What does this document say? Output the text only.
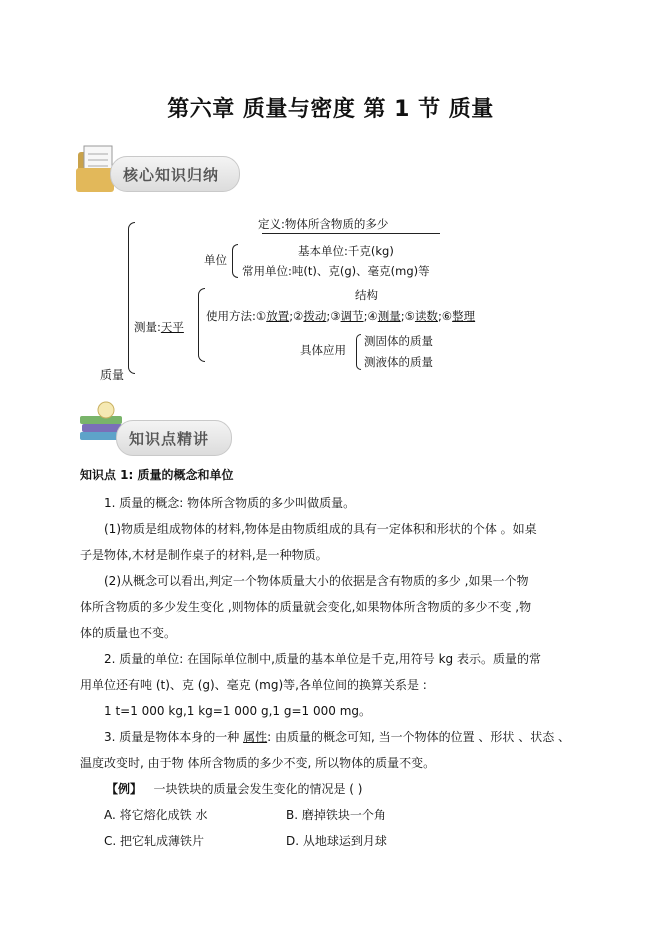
第六章 质量与密度 第 1 节 质量
核心知识归纳
质量
定义:物体所含物质的多少
单位
基本单位:千克(kg)
常用单位:吨(t)、克(g)、毫克(mg)等
测量:天平
结构
使用方法:①放置;②拨动;③调节;④测量;⑤读数;⑥整理
具体应用
测固体的质量
测液体的质量
知识点精讲
知识点 1: 质量的概念和单位
1. 质量的概念: 物体所含物质的多少叫做质量。
(1)物质是组成物体的材料,物体是由物质组成的具有一定体积和形状的个体 。如桌
子是物体,木材是制作桌子的材料,是一种物质。
(2)从概念可以看出,判定一个物体质量大小的依据是含有物质的多少 ,如果一个物
体所含物质的多少发生变化 ,则物体的质量就会变化,如果物体所含物质的多少不变 ,物
体的质量也不变。
2. 质量的单位: 在国际单位制中,质量的基本单位是千克,用符号 kg 表示。质量的常
用单位还有吨 (t)、克 (g)、毫克 (mg)等,各单位间的换算关系是 :
1 t=1 000 kg,1 kg=1 000 g,1 g=1 000 mg。
3. 质量是物体本身的一种 属性: 由质量的概念可知, 当一个物体的位置 、形状 、状态 、
温度改变时, 由于物 体所含物质的多少不变, 所以物体的质量不变。
【例】 一块铁块的质量会发生变化的情况是 ( )
A. 将它熔化成铁 水	B. 磨掉铁块一个角
C. 把它轧成薄铁片	D. 从地球运到月球
